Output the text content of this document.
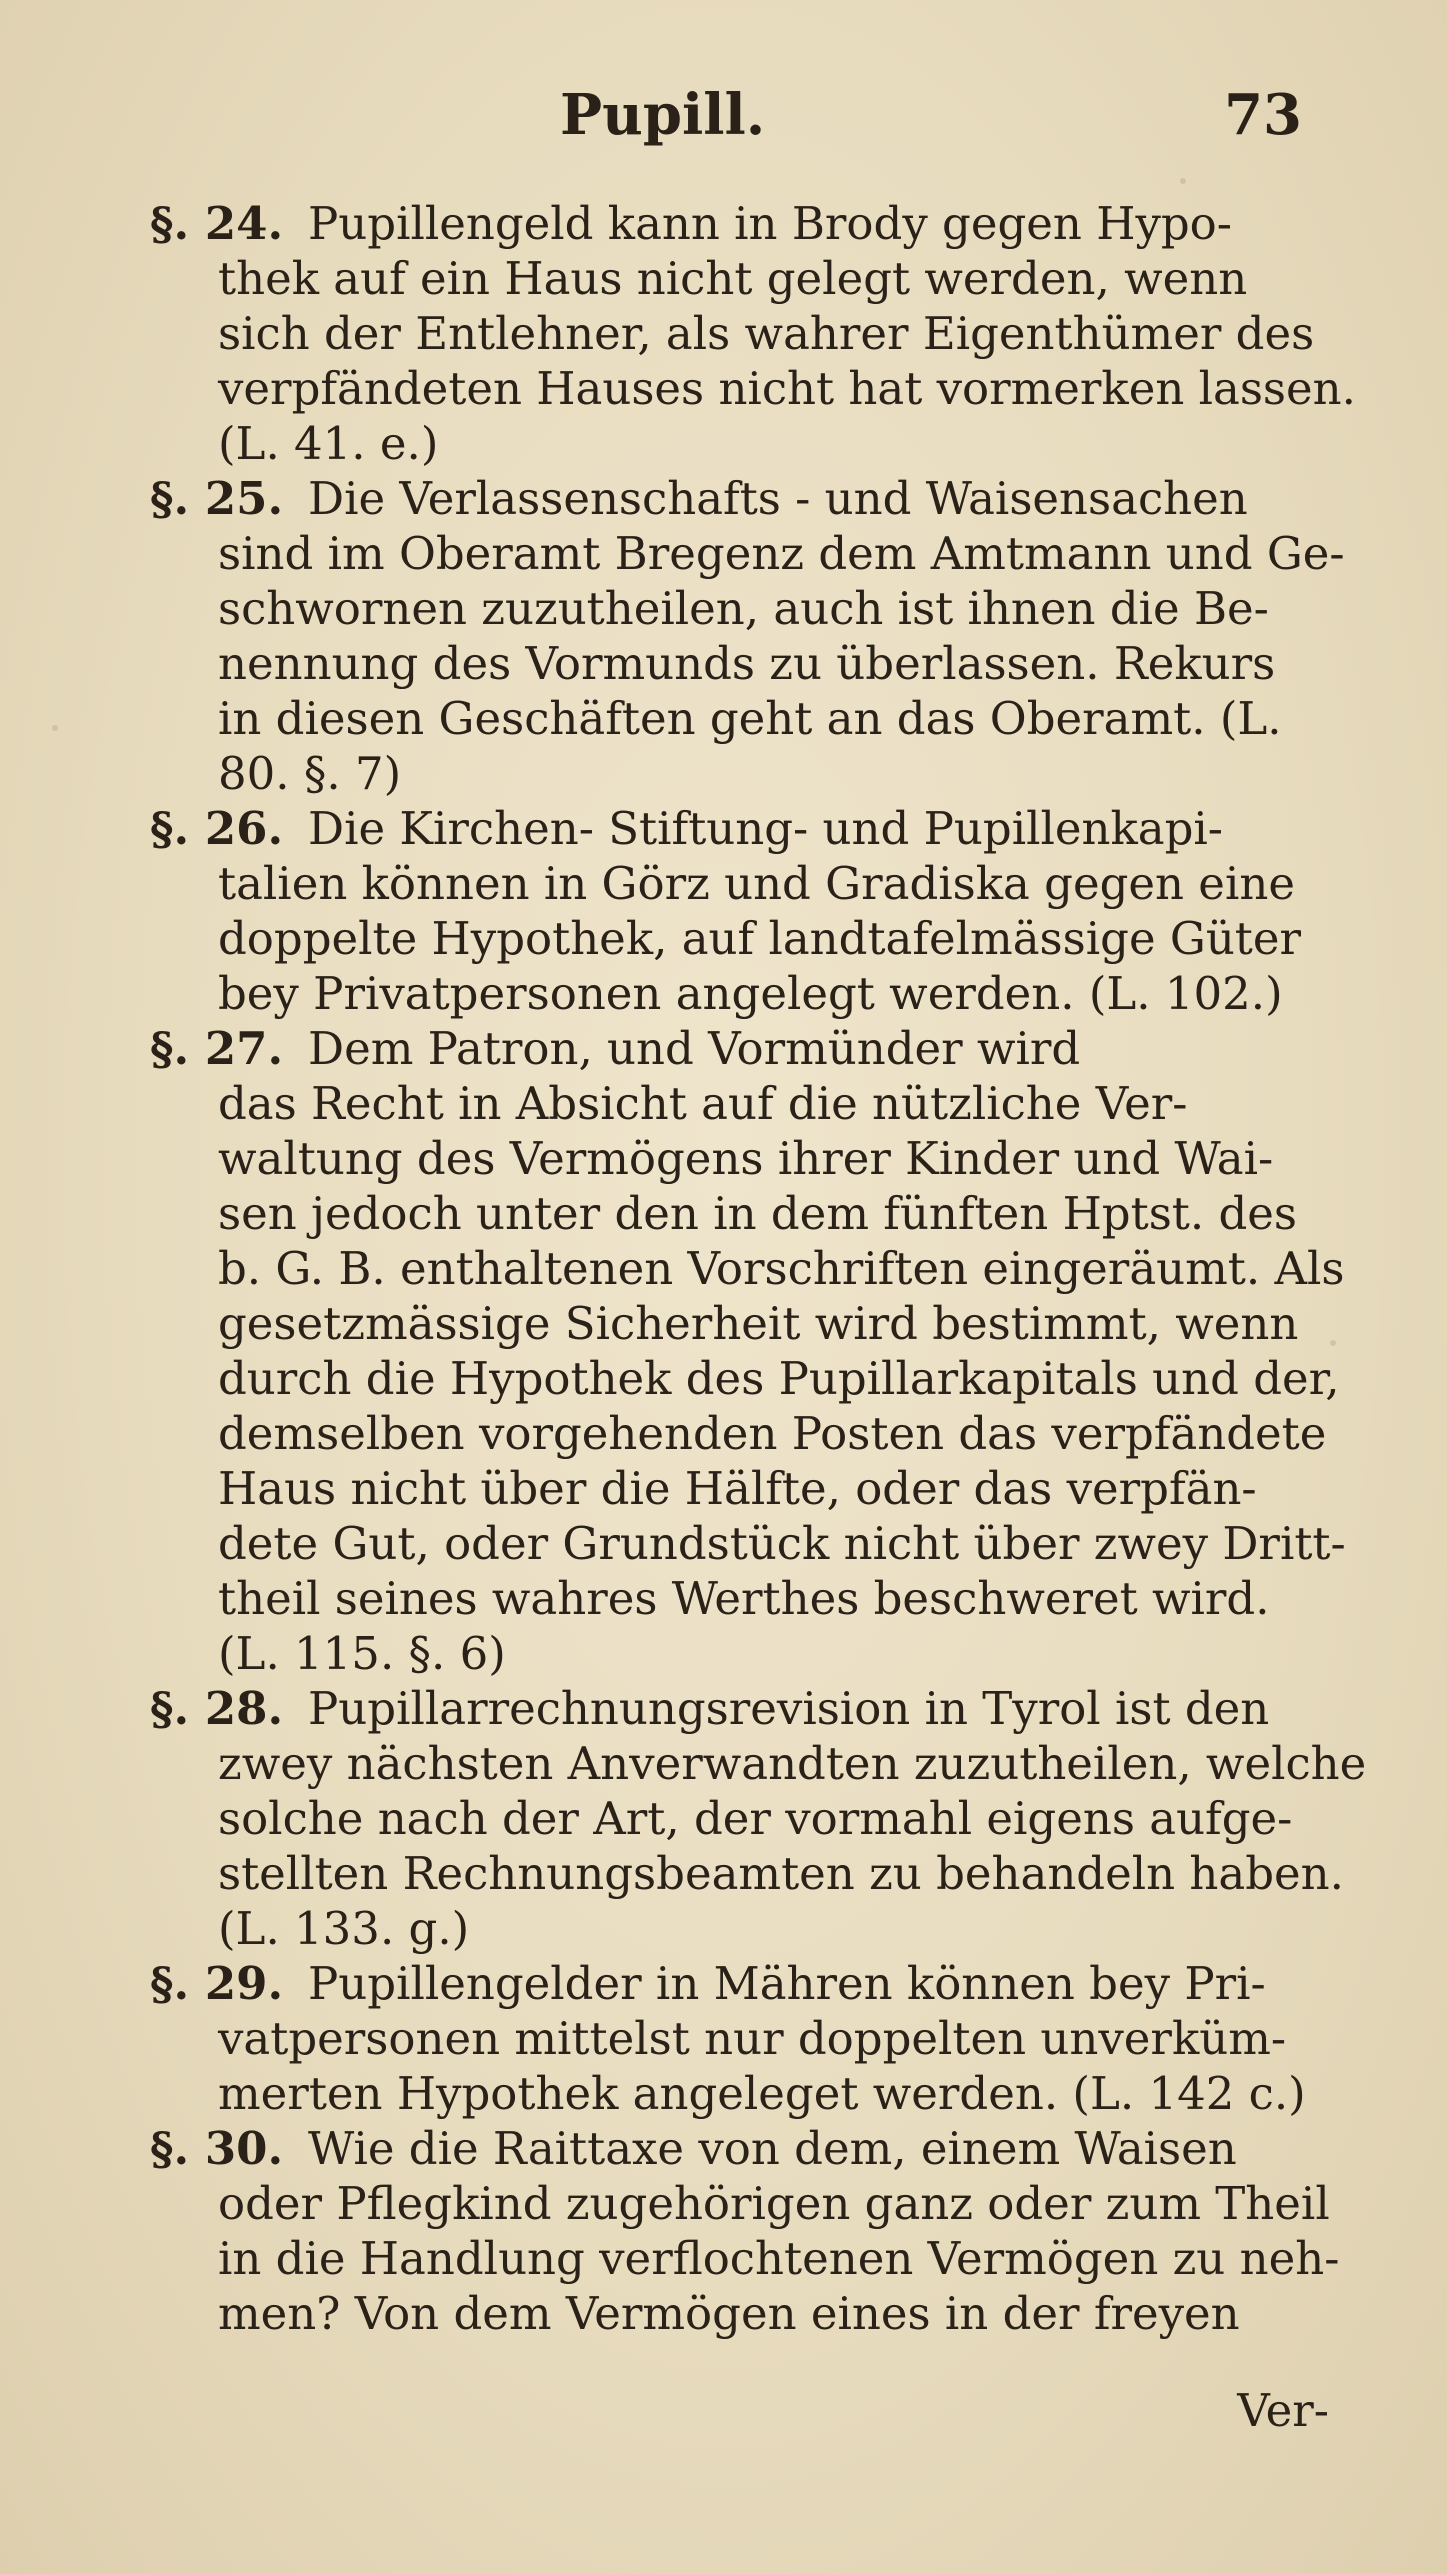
Pupill.	73
§. 24. Pupillengeld kann in Brody gegen Hypo-
thek auf ein Haus nicht gelegt werden, wenn
sich der Entlehner, als wahrer Eigenthümer des
verpfändeten Hauses nicht hat vormerken lassen.
(L. 41. e.)
§. 25. Die Verlassenschafts - und Waisensachen
sind im Oberamt Bregenz dem Amtmann und Ge-
schwornen zuzutheilen, auch ist ihnen die Be-
nennung des Vormunds zu überlassen. Rekurs
in diesen Geschäften geht an das Oberamt. (L.
80. §. 7)
§. 26. Die Kirchen- Stiftung- und Pupillenkapi-
talien können in Görz und Gradiska gegen eine
doppelte Hypothek, auf landtafelmässige Güter
bey Privatpersonen angelegt werden. (L. 102.)
§. 27. Dem Patron, und Vormünder wird
das Recht in Absicht auf die nützliche Ver-
waltung des Vermögens ihrer Kinder und Wai-
sen jedoch unter den in dem fünften Hptst. des
b. G. B. enthaltenen Vorschriften eingeräumt. Als
gesetzmässige Sicherheit wird bestimmt, wenn
durch die Hypothek des Pupillarkapitals und der,
demselben vorgehenden Posten das verpfändete
Haus nicht über die Hälfte, oder das verpfän-
dete Gut, oder Grundstück nicht über zwey Dritt-
theil seines wahres Werthes beschweret wird.
(L. 115. §. 6)
§. 28. Pupillarrechnungsrevision in Tyrol ist den
zwey nächsten Anverwandten zuzutheilen, welche
solche nach der Art, der vormahl eigens aufge-
stellten Rechnungsbeamten zu behandeln haben.
(L. 133. g.)
§. 29. Pupillengelder in Mähren können bey Pri-
vatpersonen mittelst nur doppelten unverküm-
merten Hypothek angeleget werden. (L. 142 c.)
§. 30. Wie die Raittaxe von dem, einem Waisen
oder Pflegkind zugehörigen ganz oder zum Theil
in die Handlung verflochtenen Vermögen zu neh-
men? Von dem Vermögen eines in der freyen
Ver-
